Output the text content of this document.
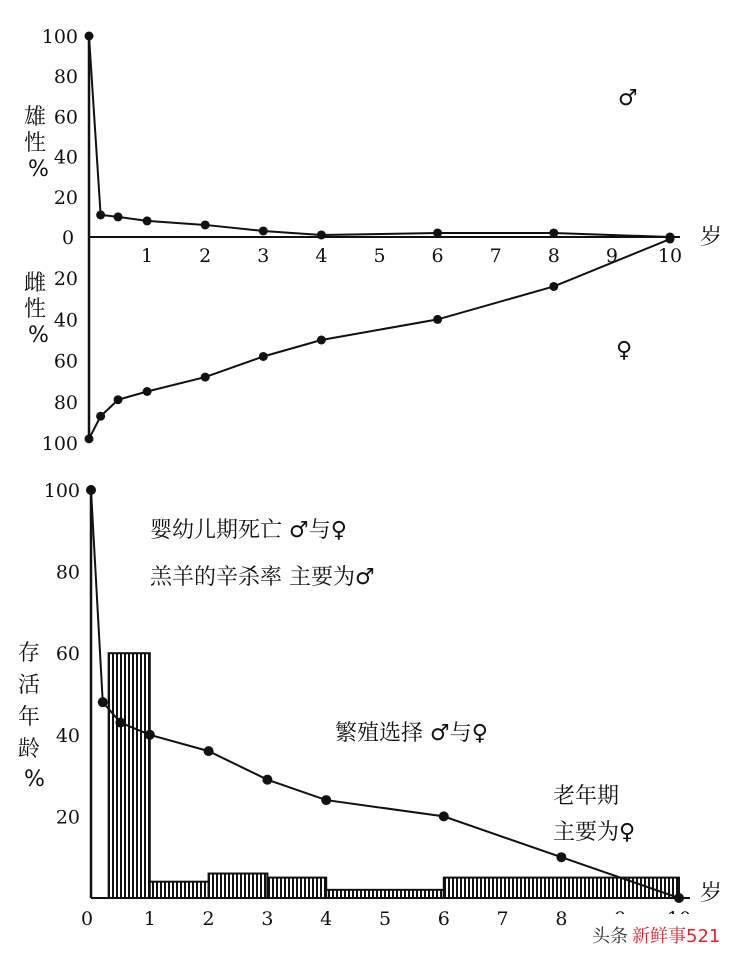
1 2 3 4 5 6 7 8 9 10
100
80
60
40
20
20
40
60
80
100
0	岁
雄 性 %
雌 性 %
♂
♀
0	1 2 3 4 5 6 7 8
100
80
60
40
20
岁
存 活 年 龄 %
婴幼儿期死亡 ♂与♀
羔羊的辛杀率 主要为♂
繁殖选择 ♂与♀
老年期
主要为♀
头条 新鲜事521
